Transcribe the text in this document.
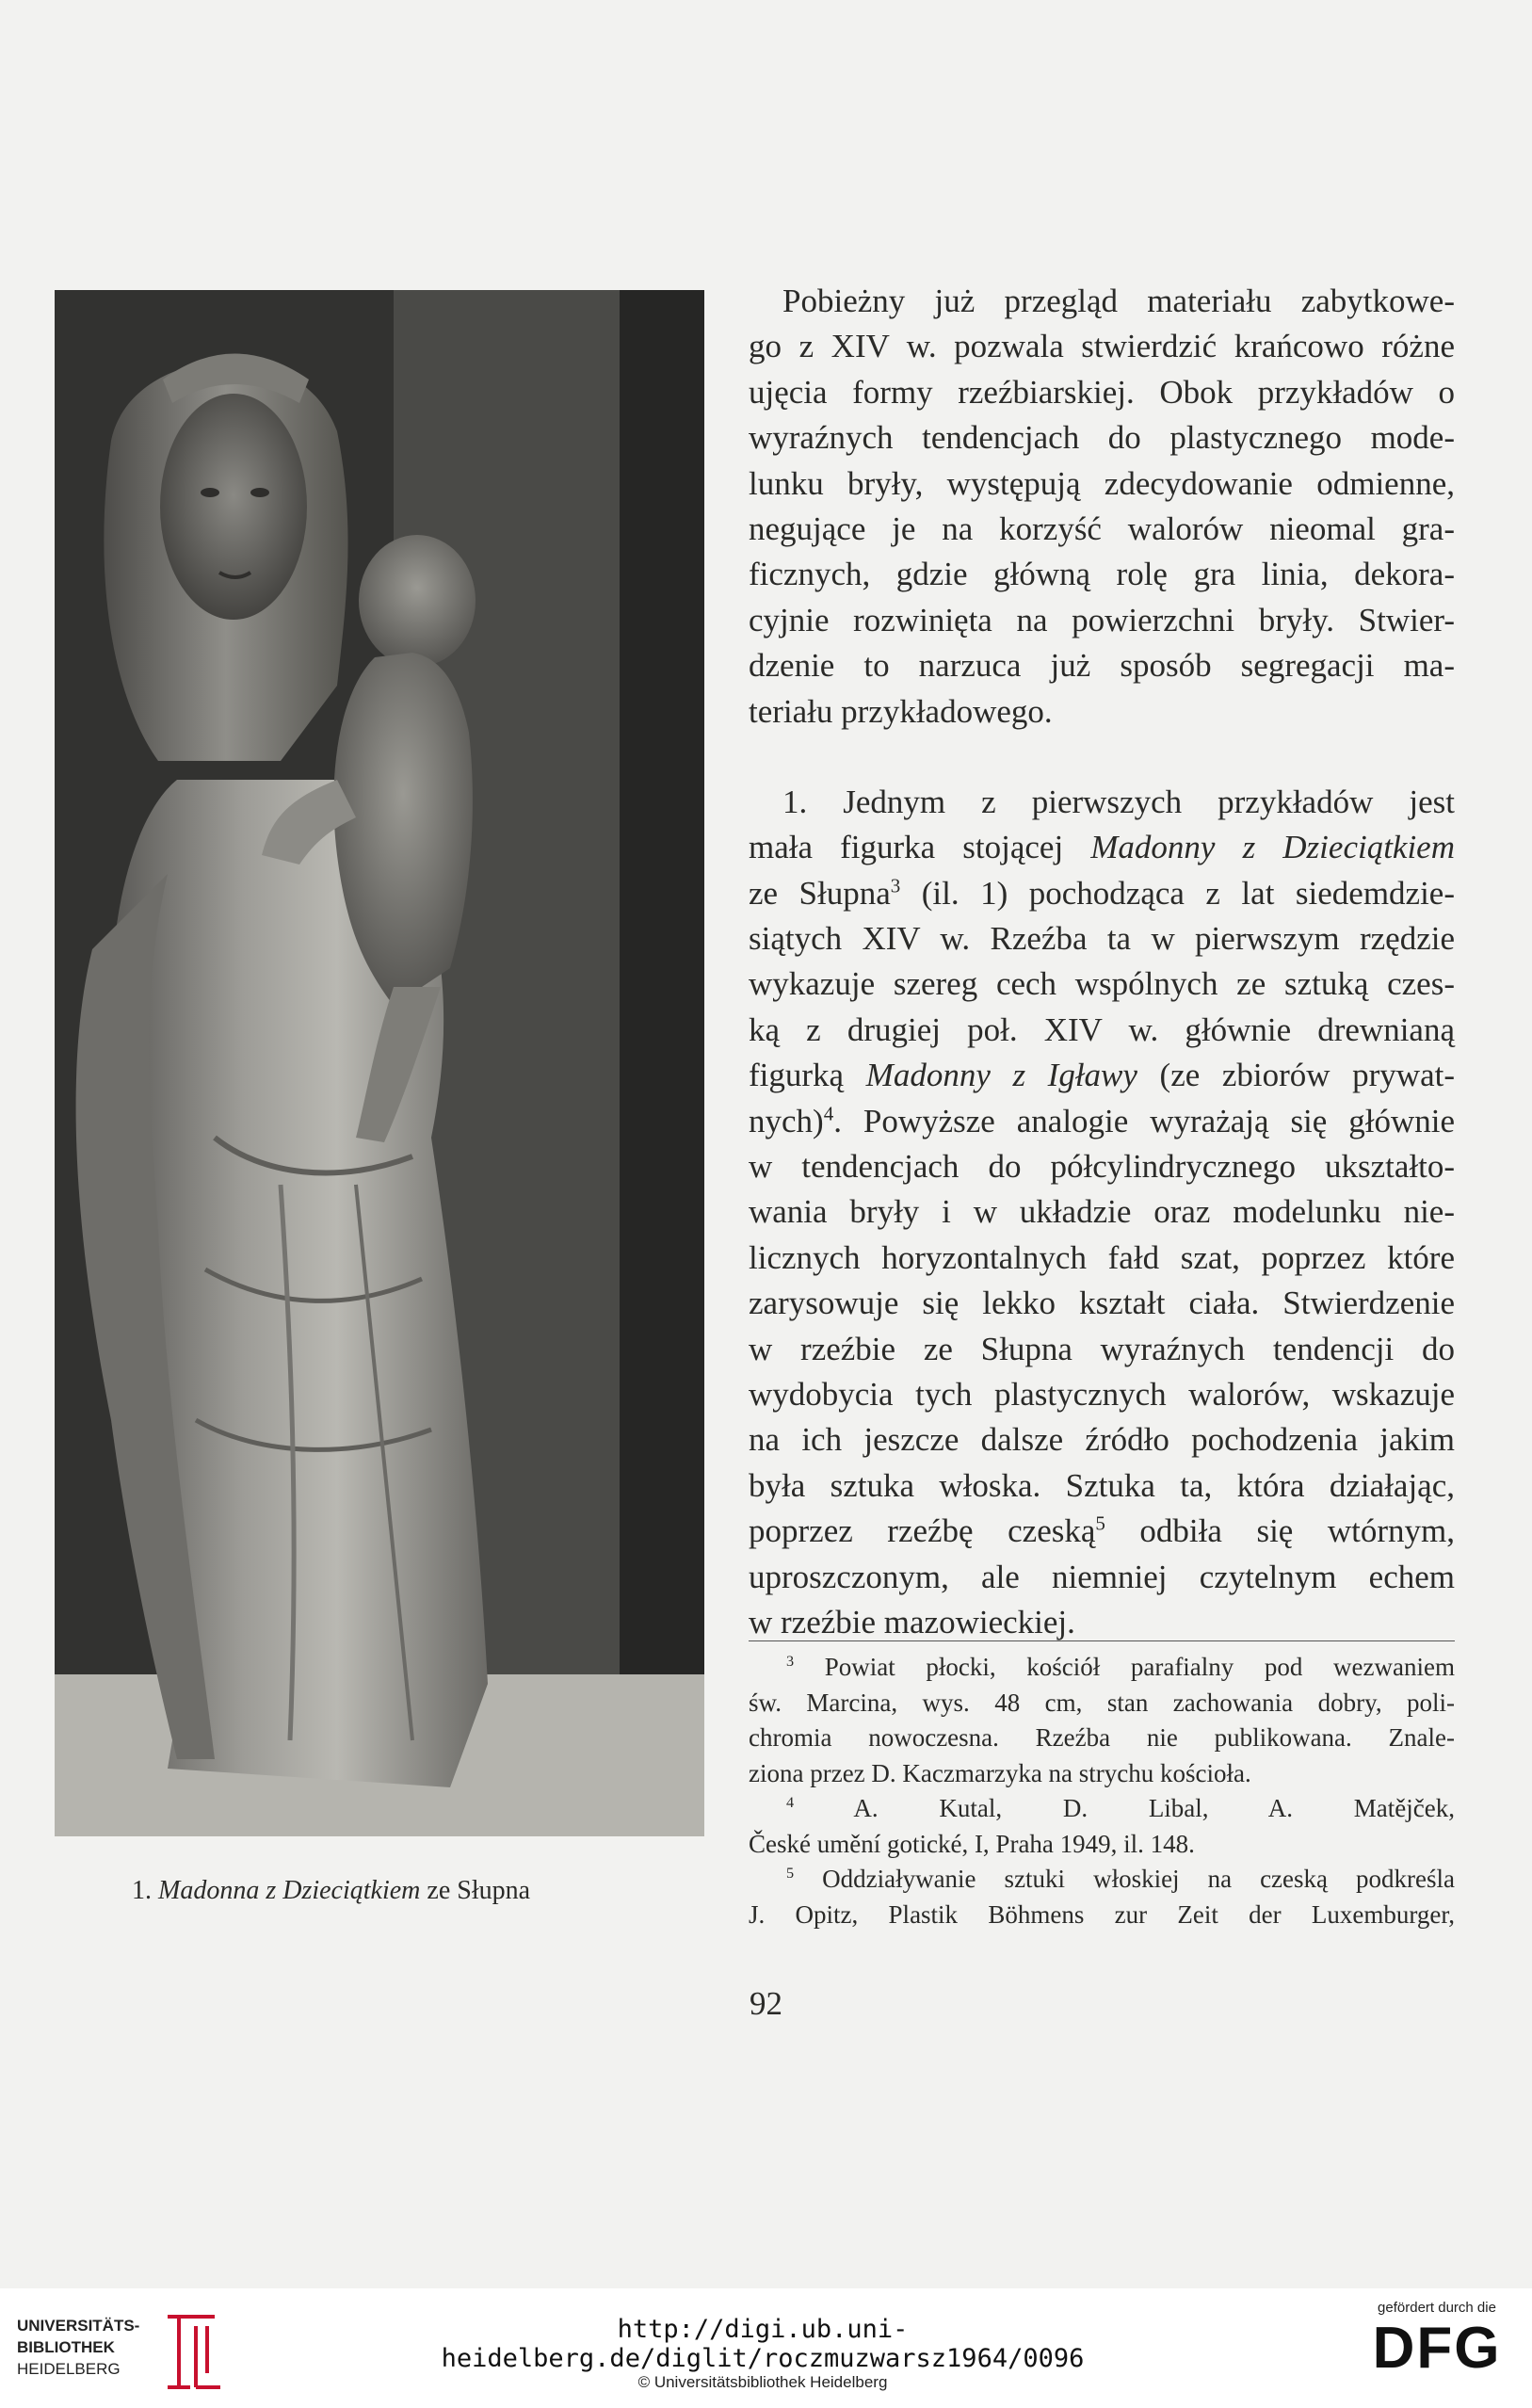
1. Madonna z Dzieciątkiem ze Słupna
Pobieżny już przegląd materiału zabytkowe-
go z XIV w. pozwala stwierdzić krańcowo różne
ujęcia formy rzeźbiarskiej. Obok przykładów o
wyraźnych tendencjach do plastycznego mode-
lunku bryły, występują zdecydowanie odmienne,
negujące je na korzyść walorów nieomal gra-
ficznych, gdzie główną rolę gra linia, dekora-
cyjnie rozwinięta na powierzchni bryły. Stwier-
dzenie to narzuca już sposób segregacji ma-
teriału przykładowego.
1. Jednym z pierwszych przykładów jest
mała figurka stojącej Madonny z Dzieciątkiem
ze Słupna$^3$ (il. 1) pochodząca z lat siedemdzie-
siątych XIV w. Rzeźba ta w pierwszym rzędzie
wykazuje szereg cech wspólnych ze sztuką czes-
ką z drugiej poł. XIV w. głównie drewnianą
figurką Madonny z Igławy (ze zbiorów prywat-
nych)$^4$. Powyższe analogie wyrażają się głównie
w tendencjach do półcylindrycznego ukształto-
wania bryły i w układzie oraz modelunku nie-
licznych horyzontalnych fałd szat, poprzez które
zarysowuje się lekko kształt ciała. Stwierdzenie
w rzeźbie ze Słupna wyraźnych tendencji do
wydobycia tych plastycznych walorów, wskazuje
na ich jeszcze dalsze źródło pochodzenia jakim
była sztuka włoska. Sztuka ta, która działając,
poprzez rzeźbę czeską$^5$ odbiła się wtórnym,
uproszczonym, ale niemniej czytelnym echem
w rzeźbie mazowieckiej.
$^3$ Powiat płocki, kościół parafialny pod wezwaniem
św. Marcina, wys. 48 cm, stan zachowania dobry, poli-
chromia nowoczesna. Rzeźba nie publikowana. Znale-
ziona przez D. Kaczmarzyka na strychu kościoła.
$^4$ A. Kutal, D. Libal, A. Matějček,
České umění gotické, I, Praha 1949, il. 148.
$^5$ Oddziaływanie sztuki włoskiej na czeską podkreśla
J. Opitz, Plastik Böhmens zur Zeit der Luxemburger,
92
UNIVERSITÄTS-
BIBLIOTHEK
HEIDELBERG
http://digi.ub.uni-heidelberg.de/diglit/roczmuzwarsz1964/0096
© Universitätsbibliothek Heidelberg
gefördert durch die
DFG
